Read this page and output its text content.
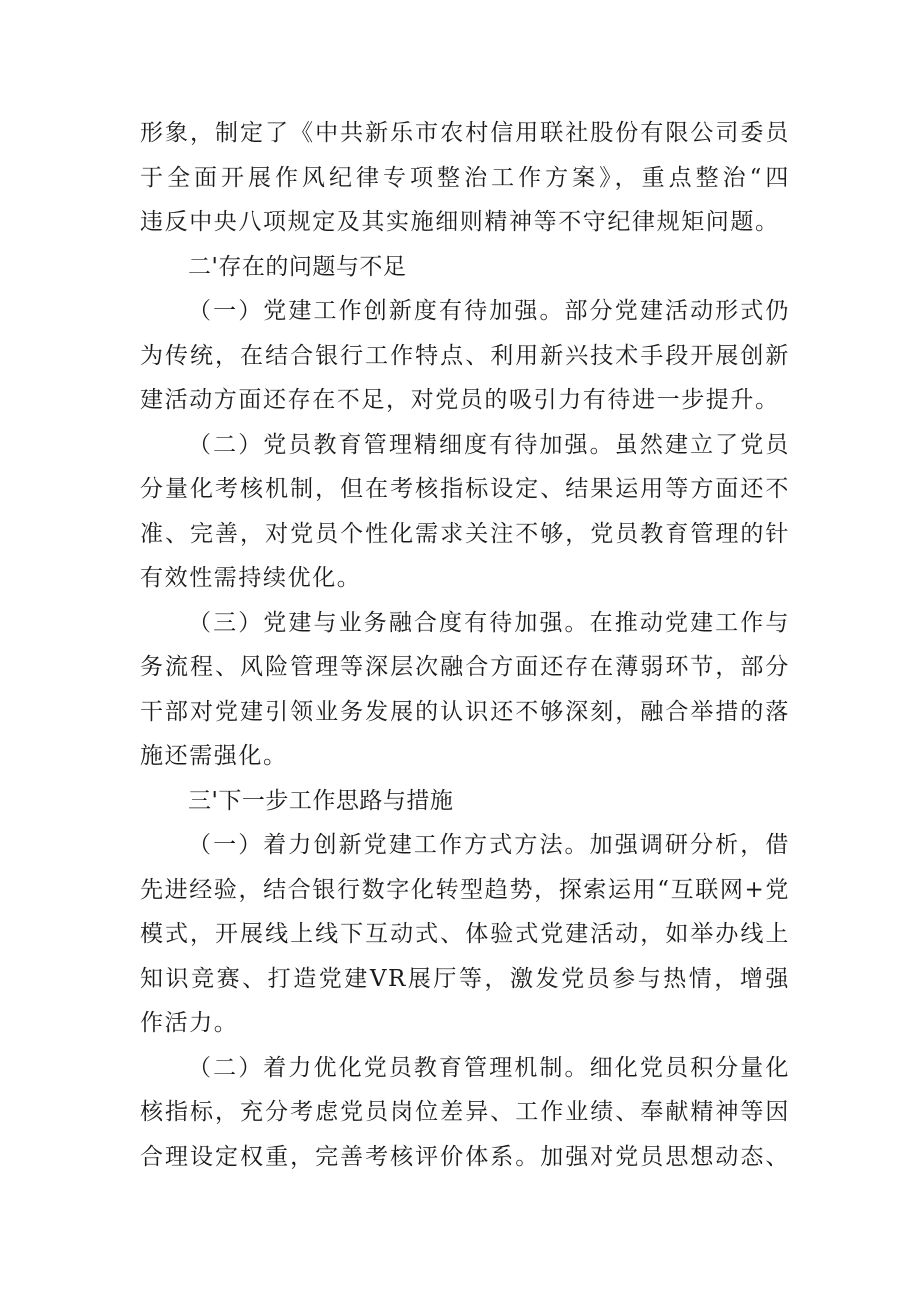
形象，制定了《中共新乐市农村信用联社股份有限公司委员
于全面开展作风纪律专项整治工作方案》，重点整治“四
违反中央八项规定及其实施细则精神等不守纪律规矩问题。
二'存在的问题与不足
（一）党建工作创新度有待加强。部分党建活动形式仍
为传统，在结合银行工作特点、利用新兴技术手段开展创新
建活动方面还存在不足，对党员的吸引力有待进一步提升。
（二）党员教育管理精细度有待加强。虽然建立了党员
分量化考核机制，但在考核指标设定、结果运用等方面还不
准、完善，对党员个性化需求关注不够，党员教育管理的针
有效性需持续优化。
（三）党建与业务融合度有待加强。在推动党建工作与
务流程、风险管理等深层次融合方面还存在薄弱环节，部分
干部对党建引领业务发展的认识还不够深刻，融合举措的落
施还需强化。
三'下一步工作思路与措施
（一）着力创新党建工作方式方法。加强调研分析，借
先进经验，结合银行数字化转型趋势，探索运用“互联网+党
模式，开展线上线下互动式、体验式党建活动，如举办线上
知识竞赛、打造党建VR展厅等，激发党员参与热情，增强
作活力。
（二）着力优化党员教育管理机制。细化党员积分量化
核指标，充分考虑党员岗位差异、工作业绩、奉献精神等因
合理设定权重，完善考核评价体系。加强对党员思想动态、
